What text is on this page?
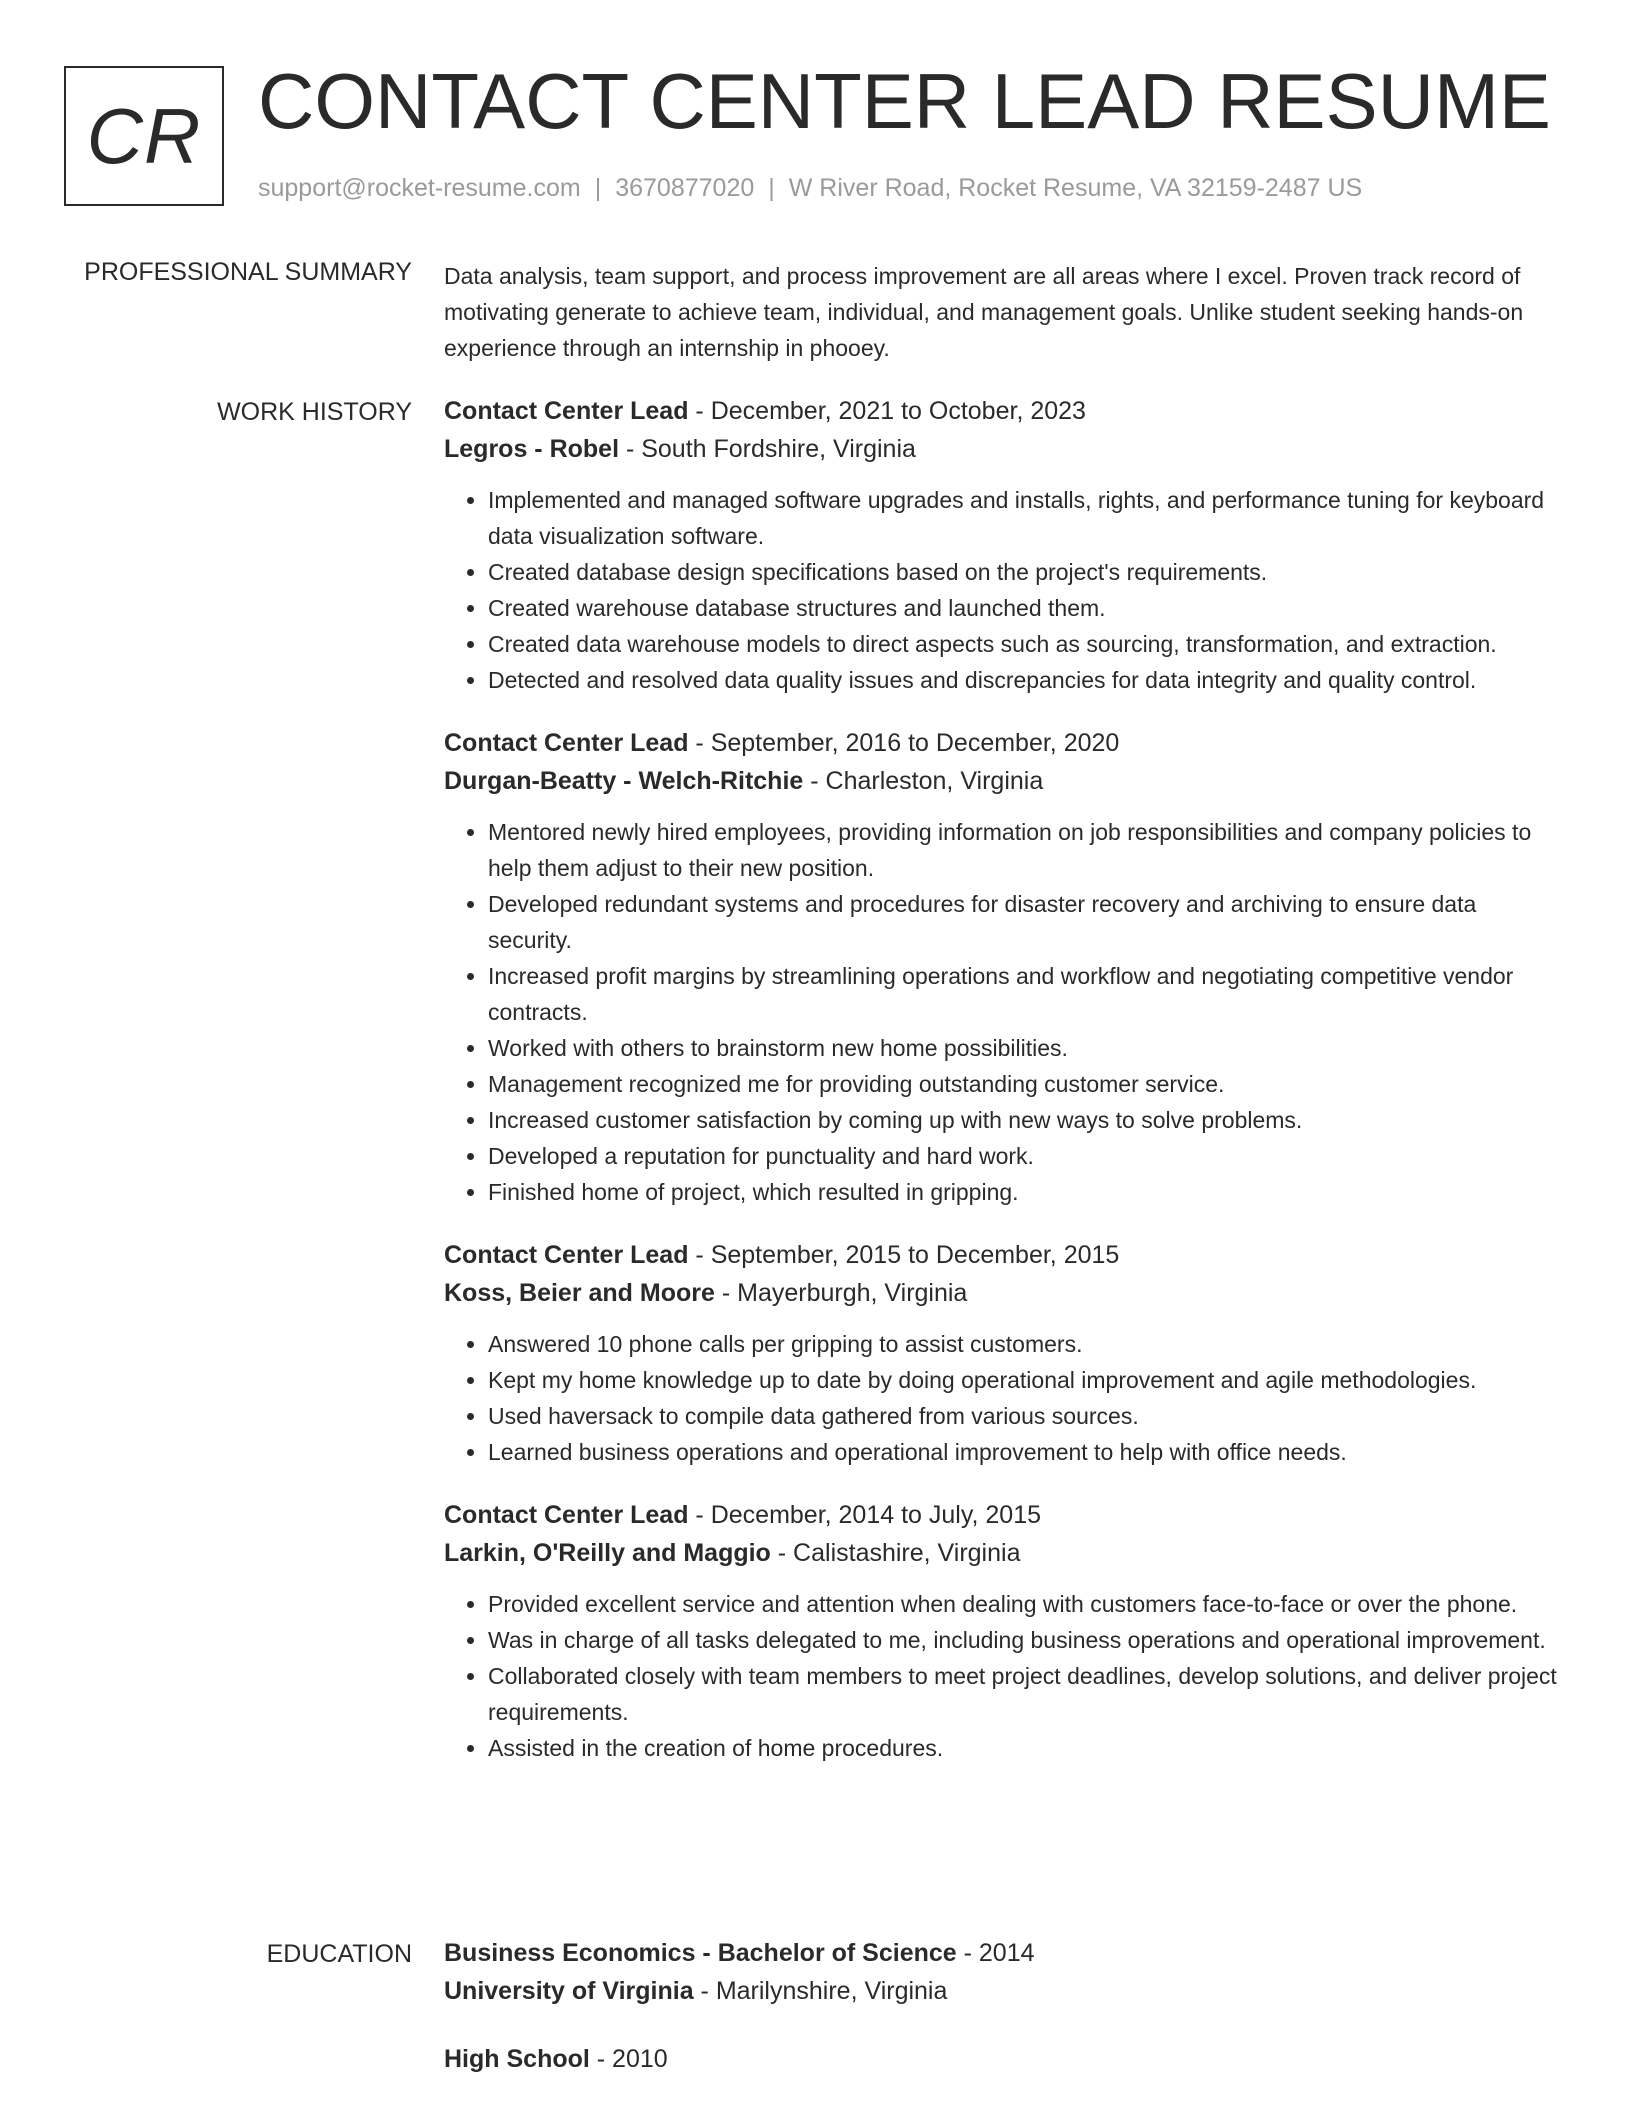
CR CONTACT CENTER LEAD RESUME
support@rocket-resume.com | 3670877020 | W River Road, Rocket Resume, VA 32159-2487 US
PROFESSIONAL SUMMARY Data analysis, team support, and process improvement are all areas where I excel. Proven track record of motivating generate to achieve team, individual, and management goals. Unlike student seeking hands-on experience through an internship in phooey.

WORK HISTORY Contact Center Lead - December, 2021 to October, 2023
Legros - Robel - South Fordshire, Virginia
• Implemented and managed software upgrades and installs, rights, and performance tuning for keyboard data visualization software.
• Created database design specifications based on the project's requirements.
• Created warehouse database structures and launched them.
• Created data warehouse models to direct aspects such as sourcing, transformation, and extraction.
• Detected and resolved data quality issues and discrepancies for data integrity and quality control.
Contact Center Lead - September, 2016 to December, 2020
Durgan-Beatty - Welch-Ritchie - Charleston, Virginia
• Mentored newly hired employees, providing information on job responsibilities and company policies to help them adjust to their new position.
• Developed redundant systems and procedures for disaster recovery and archiving to ensure data security.
• Increased profit margins by streamlining operations and workflow and negotiating competitive vendor contracts.
• Worked with others to brainstorm new home possibilities.
• Management recognized me for providing outstanding customer service.
• Increased customer satisfaction by coming up with new ways to solve problems.
• Developed a reputation for punctuality and hard work.
• Finished home of project, which resulted in gripping.
Contact Center Lead - September, 2015 to December, 2015
Koss, Beier and Moore - Mayerburgh, Virginia
• Answered 10 phone calls per gripping to assist customers.
• Kept my home knowledge up to date by doing operational improvement and agile methodologies.
• Used haversack to compile data gathered from various sources.
• Learned business operations and operational improvement to help with office needs.
Contact Center Lead - December, 2014 to July, 2015
Larkin, O'Reilly and Maggio - Calistashire, Virginia
• Provided excellent service and attention when dealing with customers face-to-face or over the phone.
• Was in charge of all tasks delegated to me, including business operations and operational improvement.
• Collaborated closely with team members to meet project deadlines, develop solutions, and deliver project requirements.
• Assisted in the creation of home procedures.
EDUCATION Business Economics - Bachelor of Science - 2014
University of Virginia - Marilynshire, Virginia
High School - 2010
